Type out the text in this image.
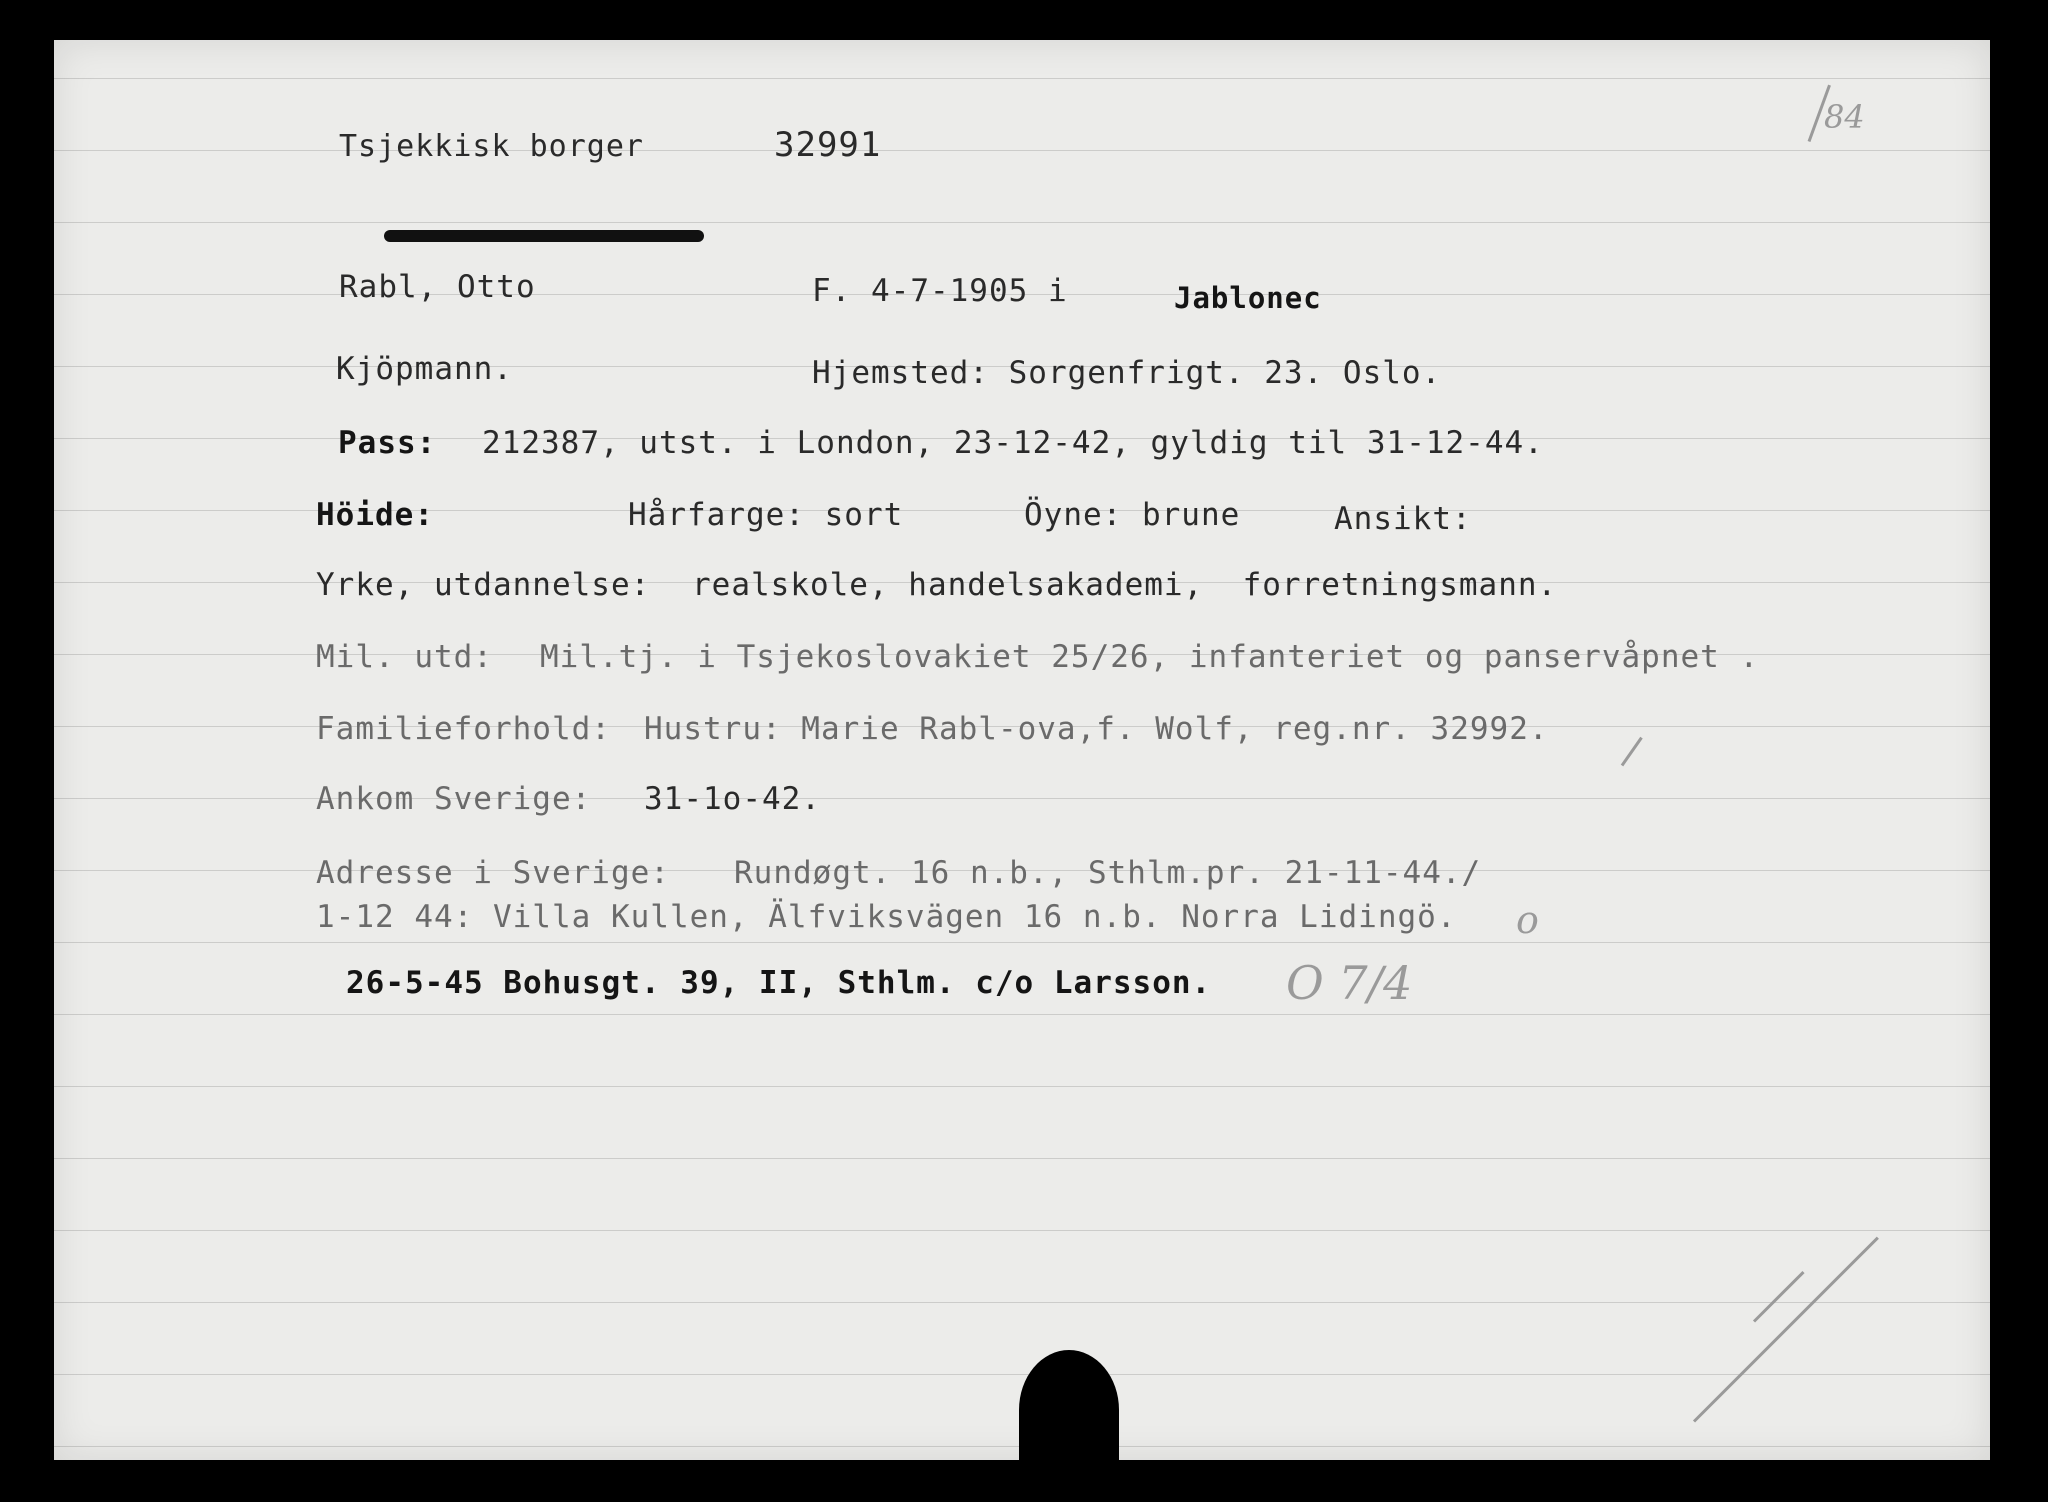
Tsjekkisk borger	32991
84
Rabl, Otto	F. 4-7-1905 i	Jablonec
Kjöpmann.	Hjemsted: Sorgenfrigt. 23. Oslo.
Pass: 212387, utst. i London, 23-12-42, gyldig til 31-12-44.
Höide:	Hårfarge: sort	Öyne: brune	Ansikt:
Yrke, utdannelse: realskole, handelsakademi,  forretningsmann.
Mil. utd: Mil.tj. i Tsjekoslovakiet 25/26, infanteriet og panservåpnet .
Familieforhold: Hustru: Marie Rabl-ova,f. Wolf, reg.nr. 32992.
Ankom Sverige: 31-1o-42.
Adresse i Sverige: Rundøgt. 16 n.b., Sthlm.pr. 21-11-44./
1-12 44: Villa Kullen, Älfviksvägen 16 n.b. Norra Lidingö. o
26-5-45 Bohusgt. 39, II, Sthlm. c/o Larsson. O 7/4
